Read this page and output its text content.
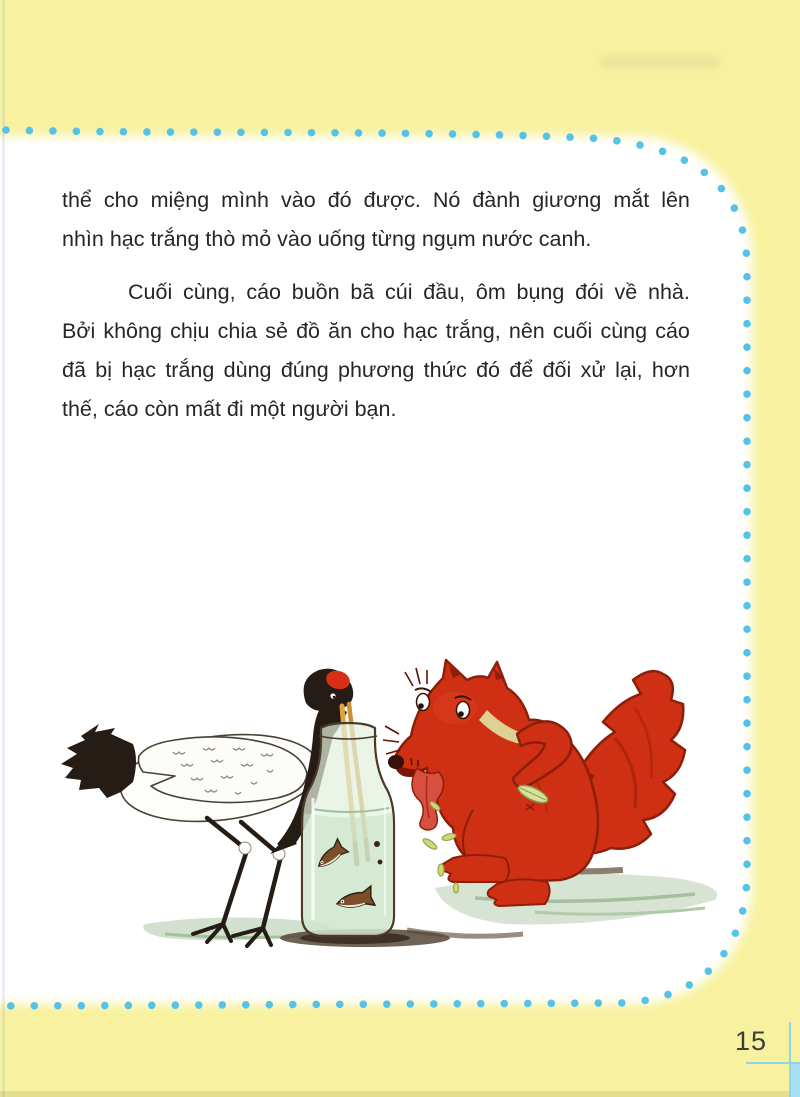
thể cho miệng mình vào đó được. Nó đành giương mắt lên
nhìn hạc trắng thò mỏ vào uống từng ngụm nước canh.
Cuối cùng, cáo buồn bã cúi đầu, ôm bụng đói về nhà.
Bởi không chịu chia sẻ đồ ăn cho hạc trắng, nên cuối cùng cáo
đã bị hạc trắng dùng đúng phương thức đó để đối xử lại, hơn
thế, cáo còn mất đi một người bạn.
15
